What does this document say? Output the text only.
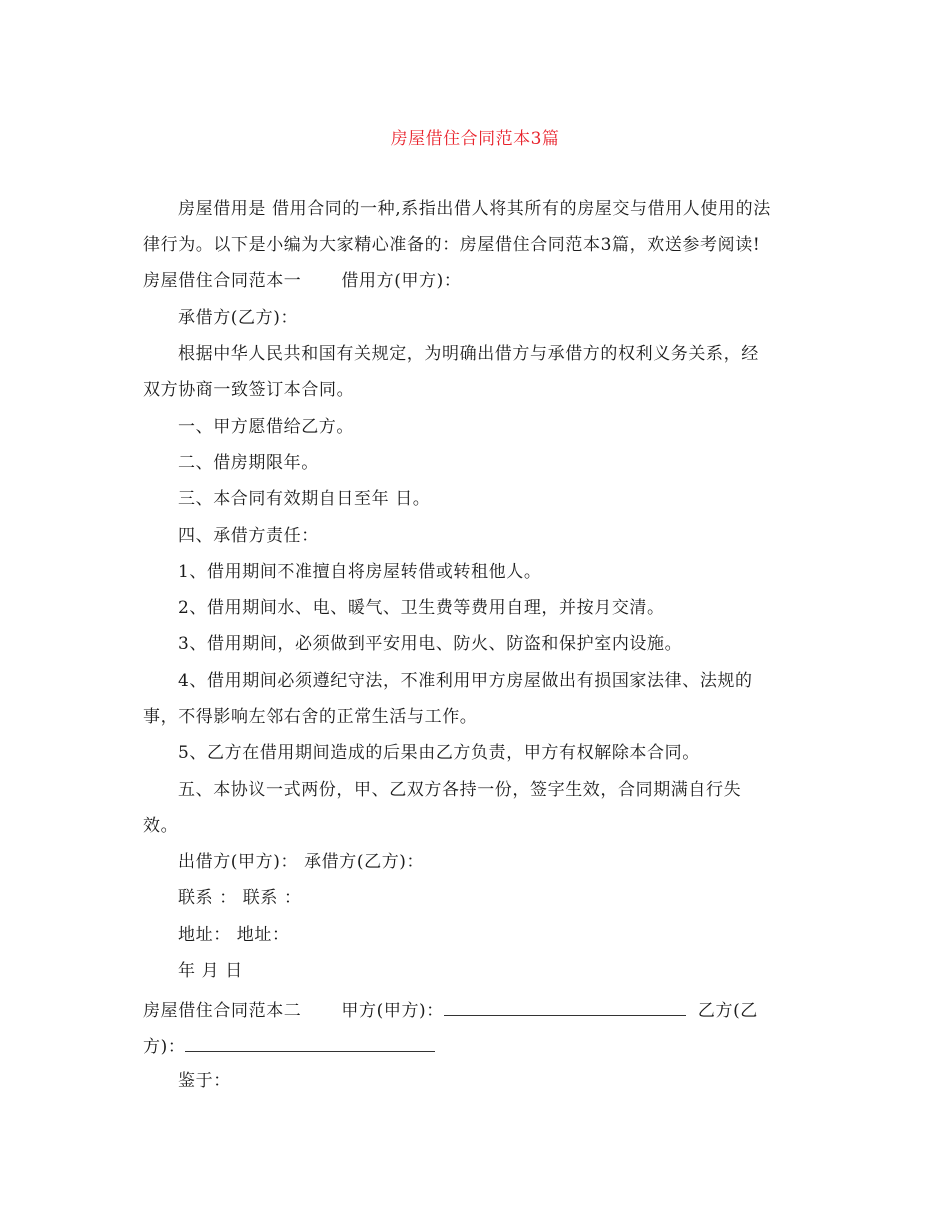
房屋借住合同范本3篇
房屋借用是 借用合同的一种,系指出借人将其所有的房屋交与借用人使用的法
律行为。以下是小编为大家精心准备的：房屋借住合同范本3篇，欢送参考阅读!
房屋借住合同范本一 借用方(甲方)：
承借方(乙方)：
根据中华人民共和国有关规定，为明确出借方与承借方的权利义务关系，经
双方协商一致签订本合同。
一、甲方愿借给乙方。
二、借房期限年。
三、本合同有效期自日至年 日。
四、承借方责任：
1、借用期间不准擅自将房屋转借或转租他人。
2、借用期间水、电、暖气、卫生费等费用自理，并按月交清。
3、借用期间，必须做到平安用电、防火、防盗和保护室内设施。
4、借用期间必须遵纪守法，不准利用甲方房屋做出有损国家法律、法规的
事，不得影响左邻右舍的正常生活与工作。
5、乙方在借用期间造成的后果由乙方负责，甲方有权解除本合同。
五、本协议一式两份，甲、乙双方各持一份，签字生效，合同期满自行失
效。
出借方(甲方)： 承借方(乙方)：
联系 ： 联系 ：
地址： 地址：
年 月 日
房屋借住合同范本二 甲方(甲方)：	乙方(乙
方)：
鉴于：
